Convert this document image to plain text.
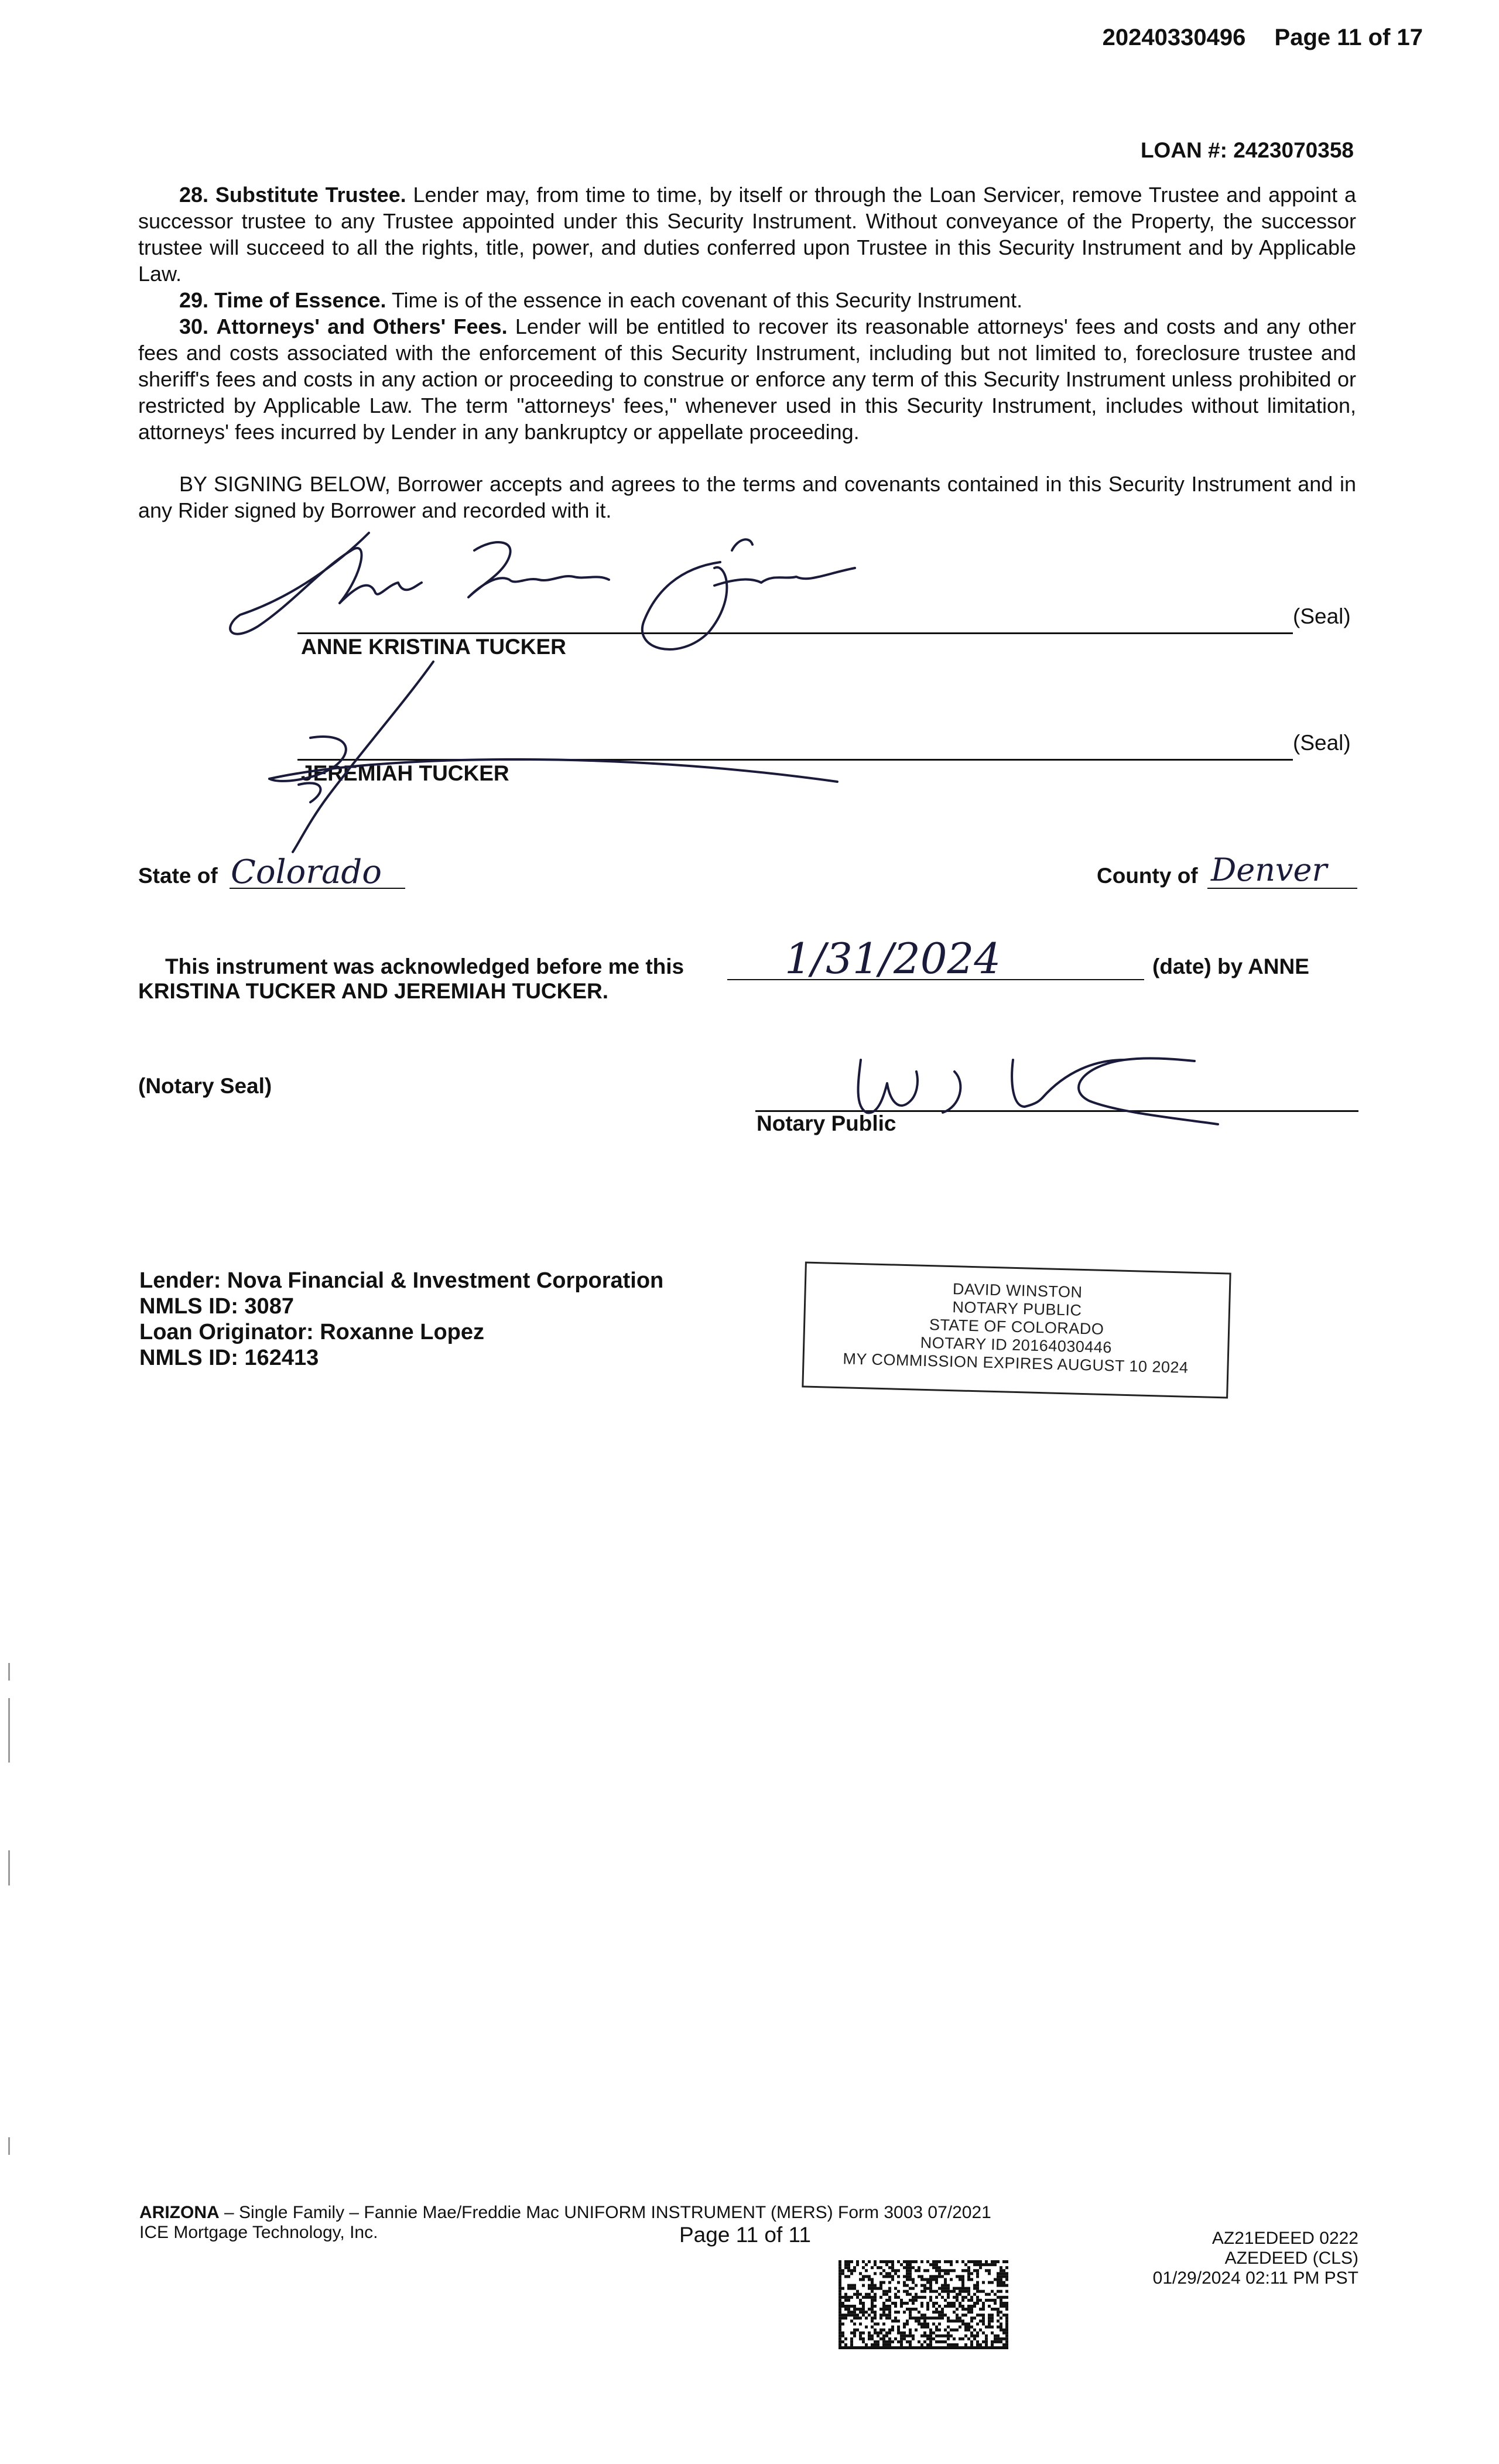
20240330496 Page 11 of 17
LOAN #: 2423070358

28. Substitute Trustee. Lender may, from time to time, by itself or through the Loan Servicer, remove Trustee and appoint a successor trustee to any Trustee appointed under this Security Instrument. Without conveyance of the Property, the successor trustee will succeed to all the rights, title, power, and duties conferred upon Trustee in this Security Instrument and by Applicable Law.

29. Time of Essence. Time is of the essence in each covenant of this Security Instrument.

30. Attorneys' and Others' Fees. Lender will be entitled to recover its reasonable attorneys' fees and costs and any other fees and costs associated with the enforcement of this Security Instrument, including but not limited to, foreclosure trustee and sheriff's fees and costs in any action or proceeding to construe or enforce any term of this Security Instrument unless prohibited or restricted by Applicable Law. The term "attorneys' fees," whenever used in this Security Instrument, includes without limitation, attorneys' fees incurred by Lender in any bankruptcy or appellate proceeding.

BY SIGNING BELOW, Borrower accepts and agrees to the terms and covenants contained in this Security Instrument and in any Rider signed by Borrower and recorded with it.

(Seal)
ANNE KRISTINA TUCKER
(Seal)
JEREMIAH TUCKER
State of Colorado	County of Denver
This instrument was acknowledged before me this 1/31/2024	(date) by ANNE
KRISTINA TUCKER AND JEREMIAH TUCKER.
(Notary Seal)
Notary Public
Lender: Nova Financial & Investment Corporation
NMLS ID: 3087
Loan Originator: Roxanne Lopez
NMLS ID: 162413
DAVID WINSTON
NOTARY PUBLIC
STATE OF COLORADO
NOTARY ID 20164030446
MY COMMISSION EXPIRES AUGUST 10 2024
ARIZONA – Single Family – Fannie Mae/Freddie Mac UNIFORM INSTRUMENT (MERS) Form 3003 07/2021
ICE Mortgage Technology, Inc.	Page 11 of 11	AZ21EDEED 0222
AZEDEED (CLS)
01/29/2024 02:11 PM PST
